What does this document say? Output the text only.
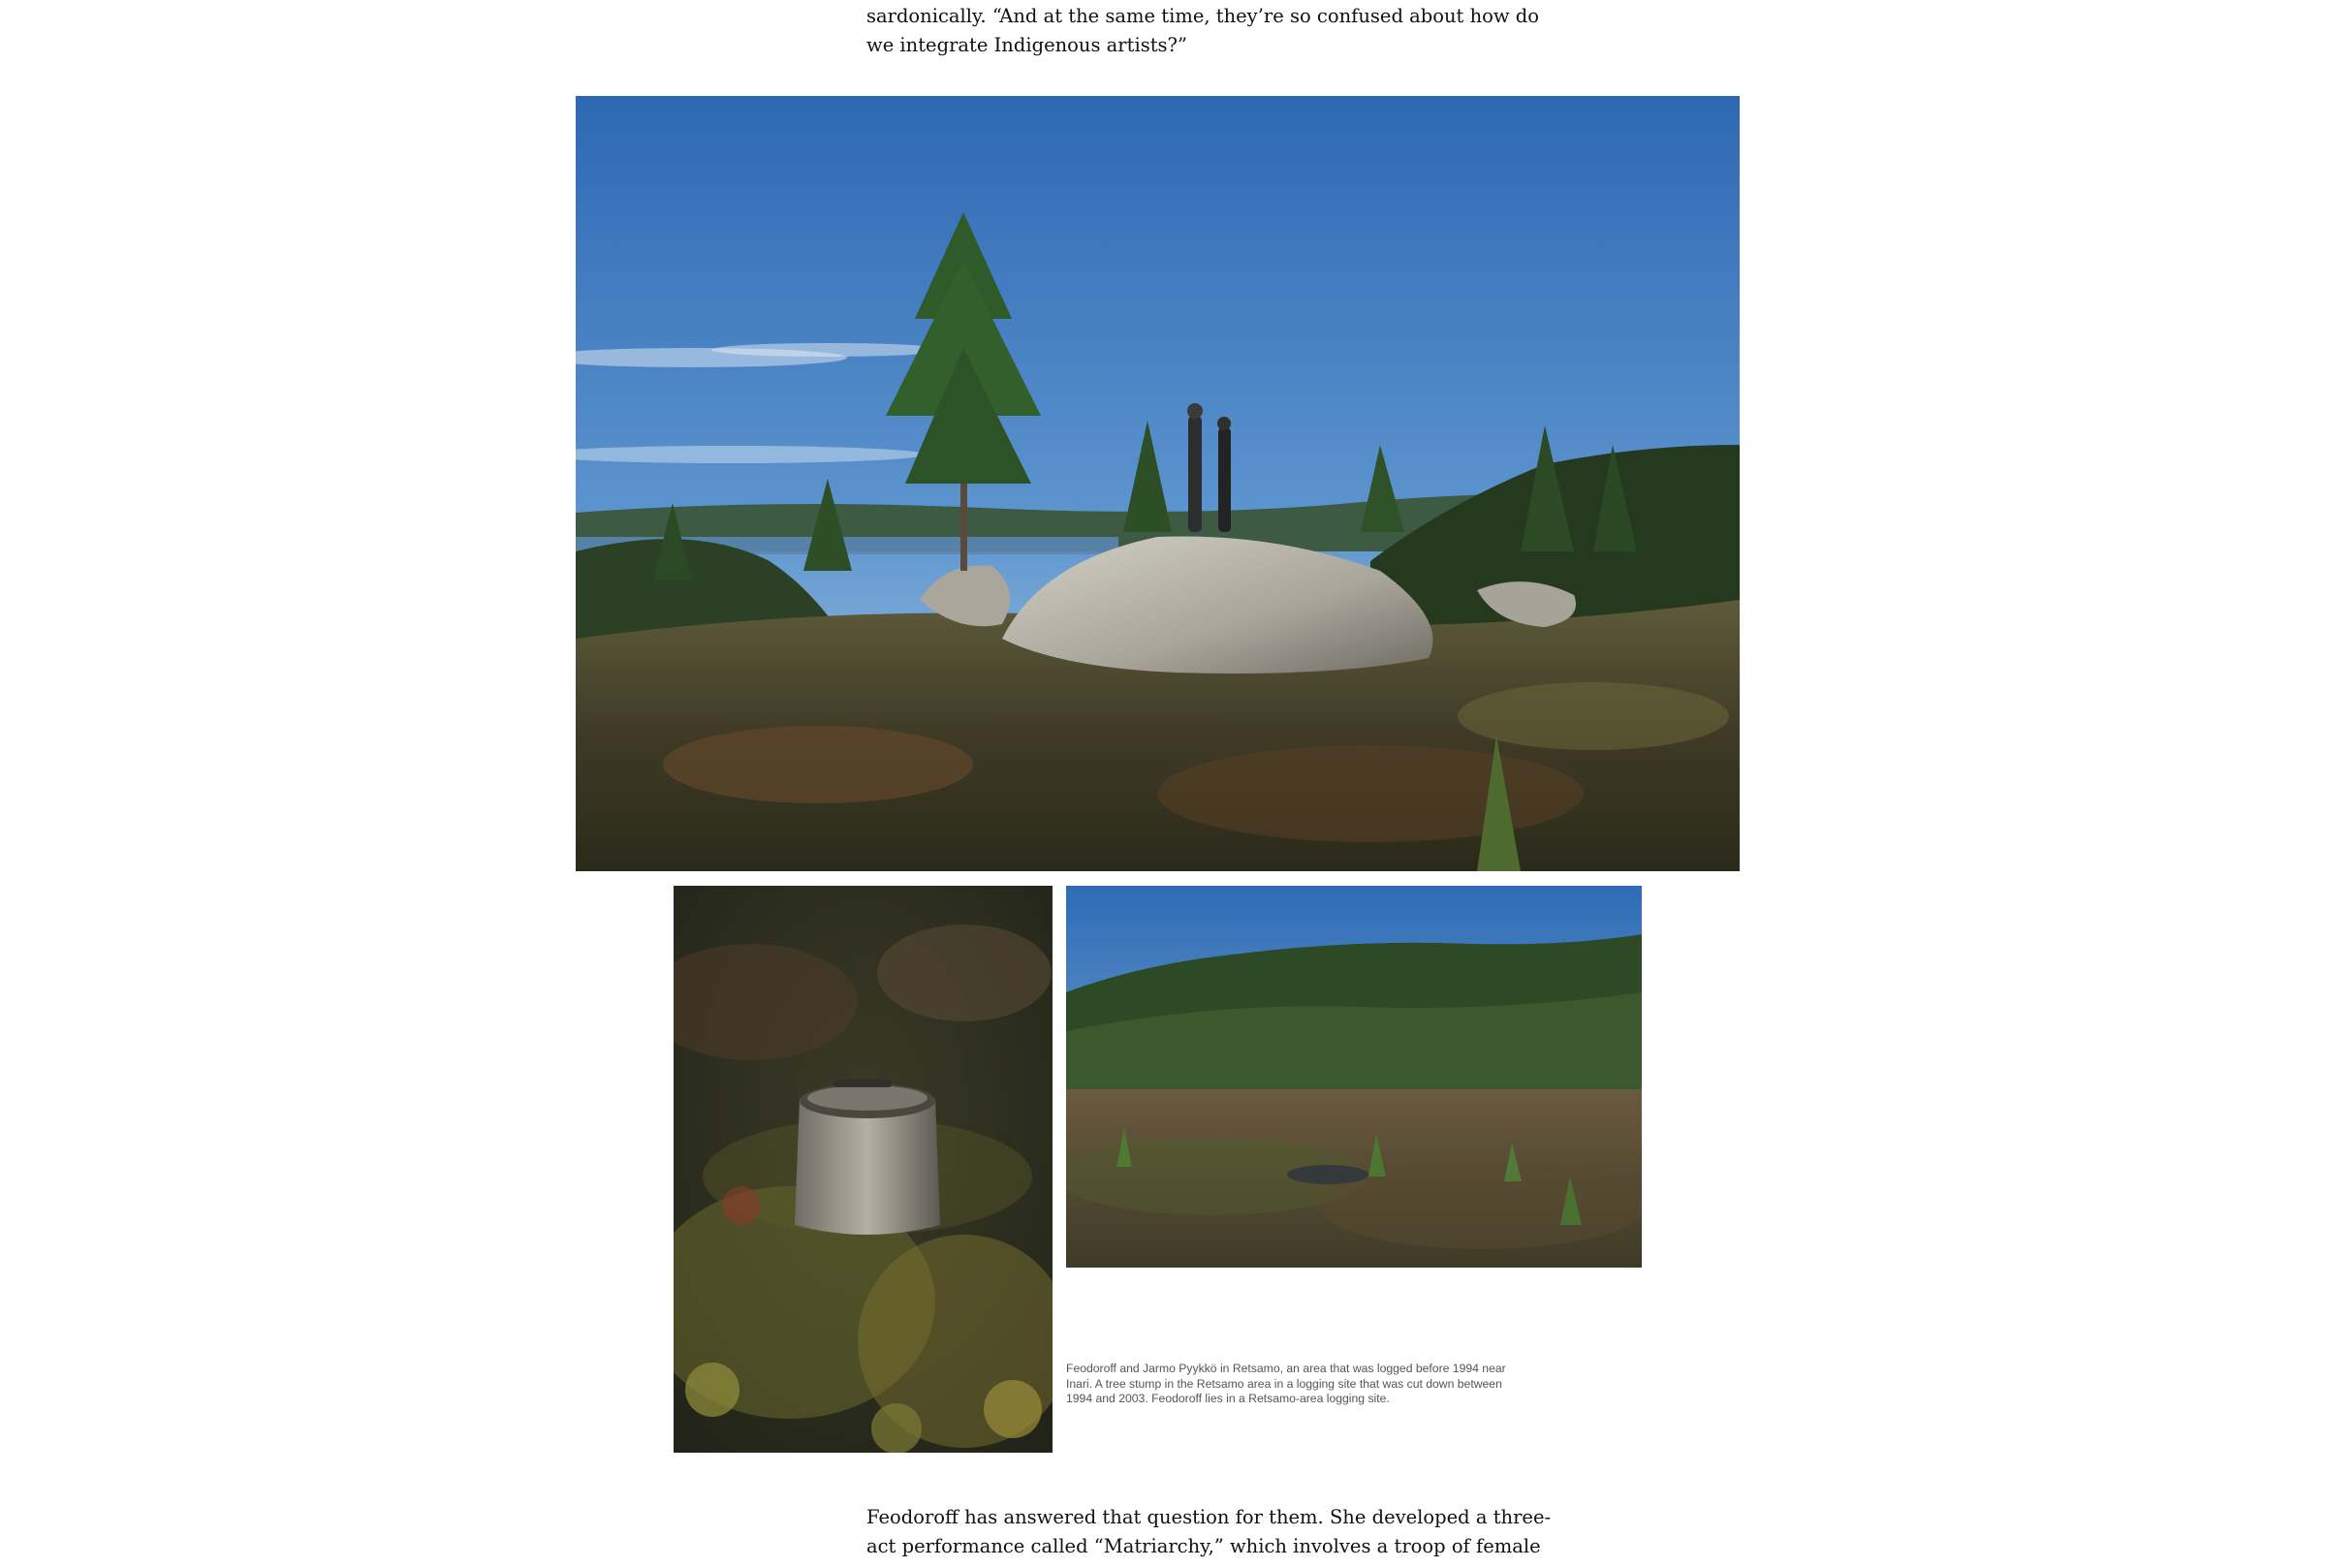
sardonically. “And at the same time, they’re so confused about how do
we integrate Indigenous artists?”

Feodoroff and Jarmo Pyykkö in Retsamo, an area that was logged before 1994 near
Inari. A tree stump in the Retsamo area in a logging site that was cut down between
1994 and 2003. Feodoroff lies in a Retsamo-area logging site.

Feodoroff has answered that question for them. She developed a three-
act performance called “Matriarchy,” which involves a troop of female
